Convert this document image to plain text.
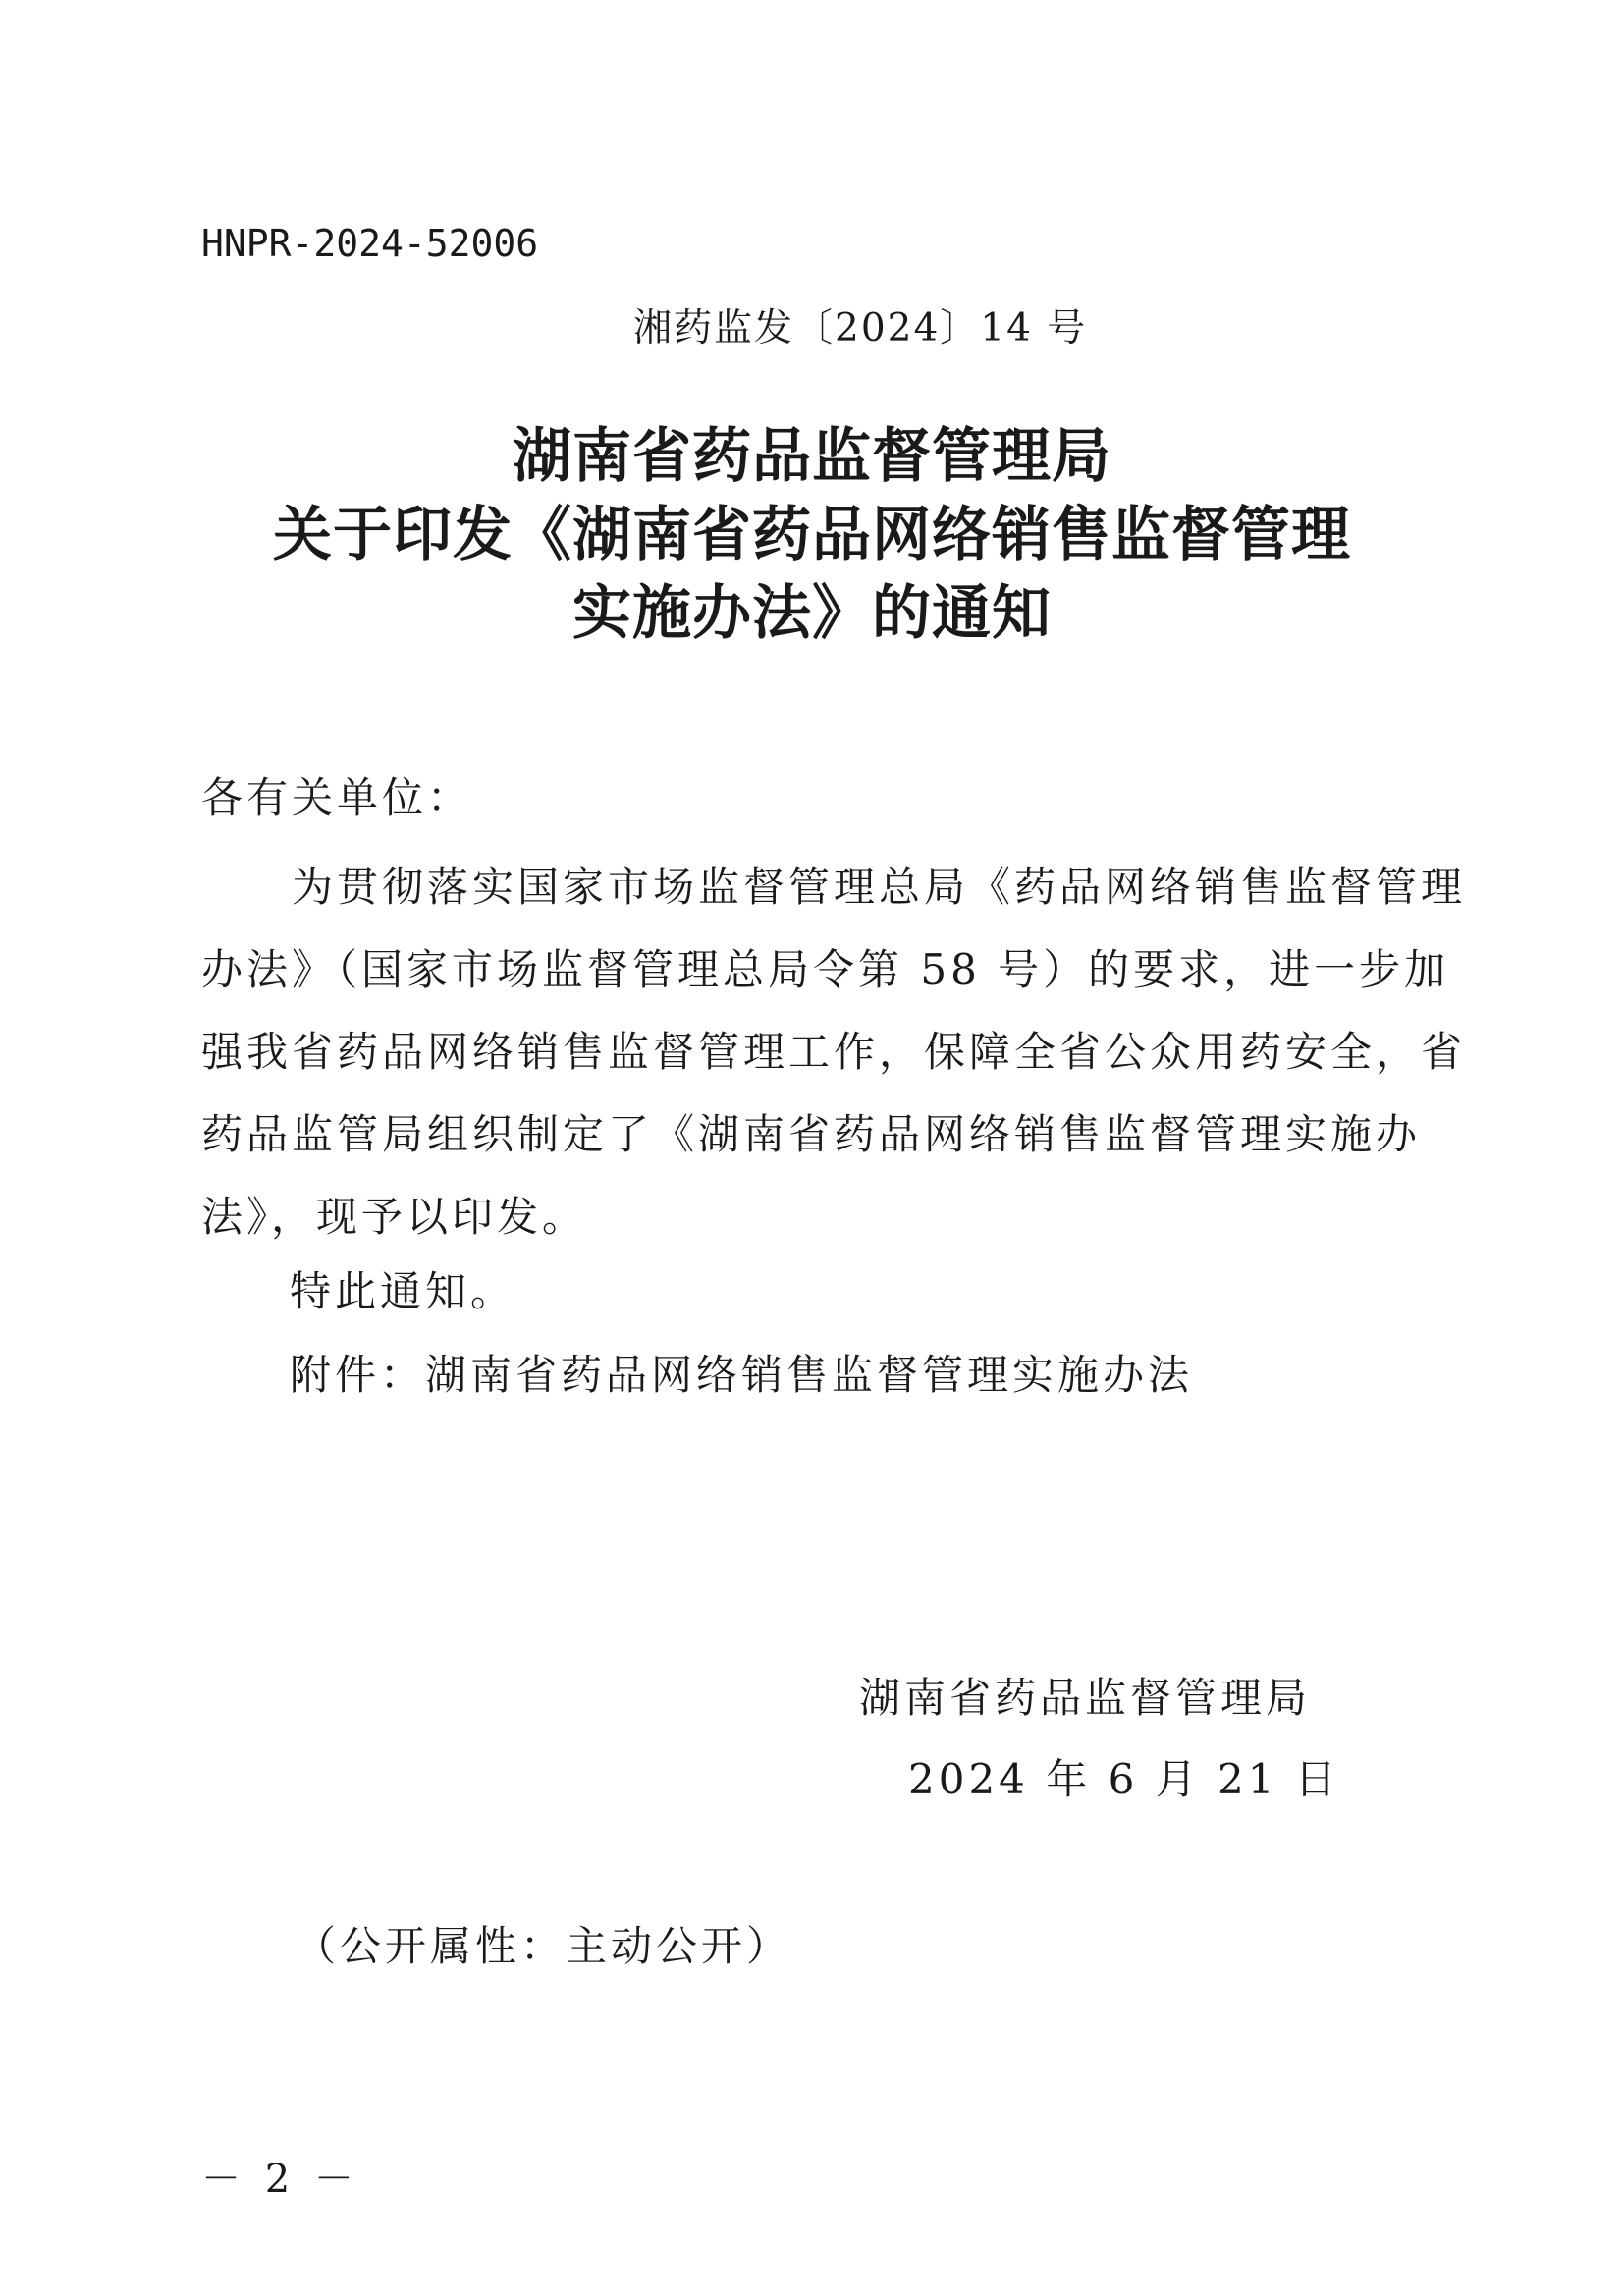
HNPR-2024-52006
湘药监发〔2024〕14 号
湖南省药品监督管理局
关于印发《湖南省药品网络销售监督管理
实施办法》的通知
各有关单位：
　　为贯彻落实国家市场监督管理总局《药品网络销售监督管理
办法》（国家市场监督管理总局令第 58 号）的要求，进一步加
强我省药品网络销售监督管理工作，保障全省公众用药安全，省
药品监管局组织制定了《湖南省药品网络销售监督管理实施办
法》，现予以印发。
特此通知。
附件：湖南省药品网络销售监督管理实施办法
湖南省药品监督管理局
2024 年 6 月 21 日
（公开属性：主动公开）
－ 2 －
